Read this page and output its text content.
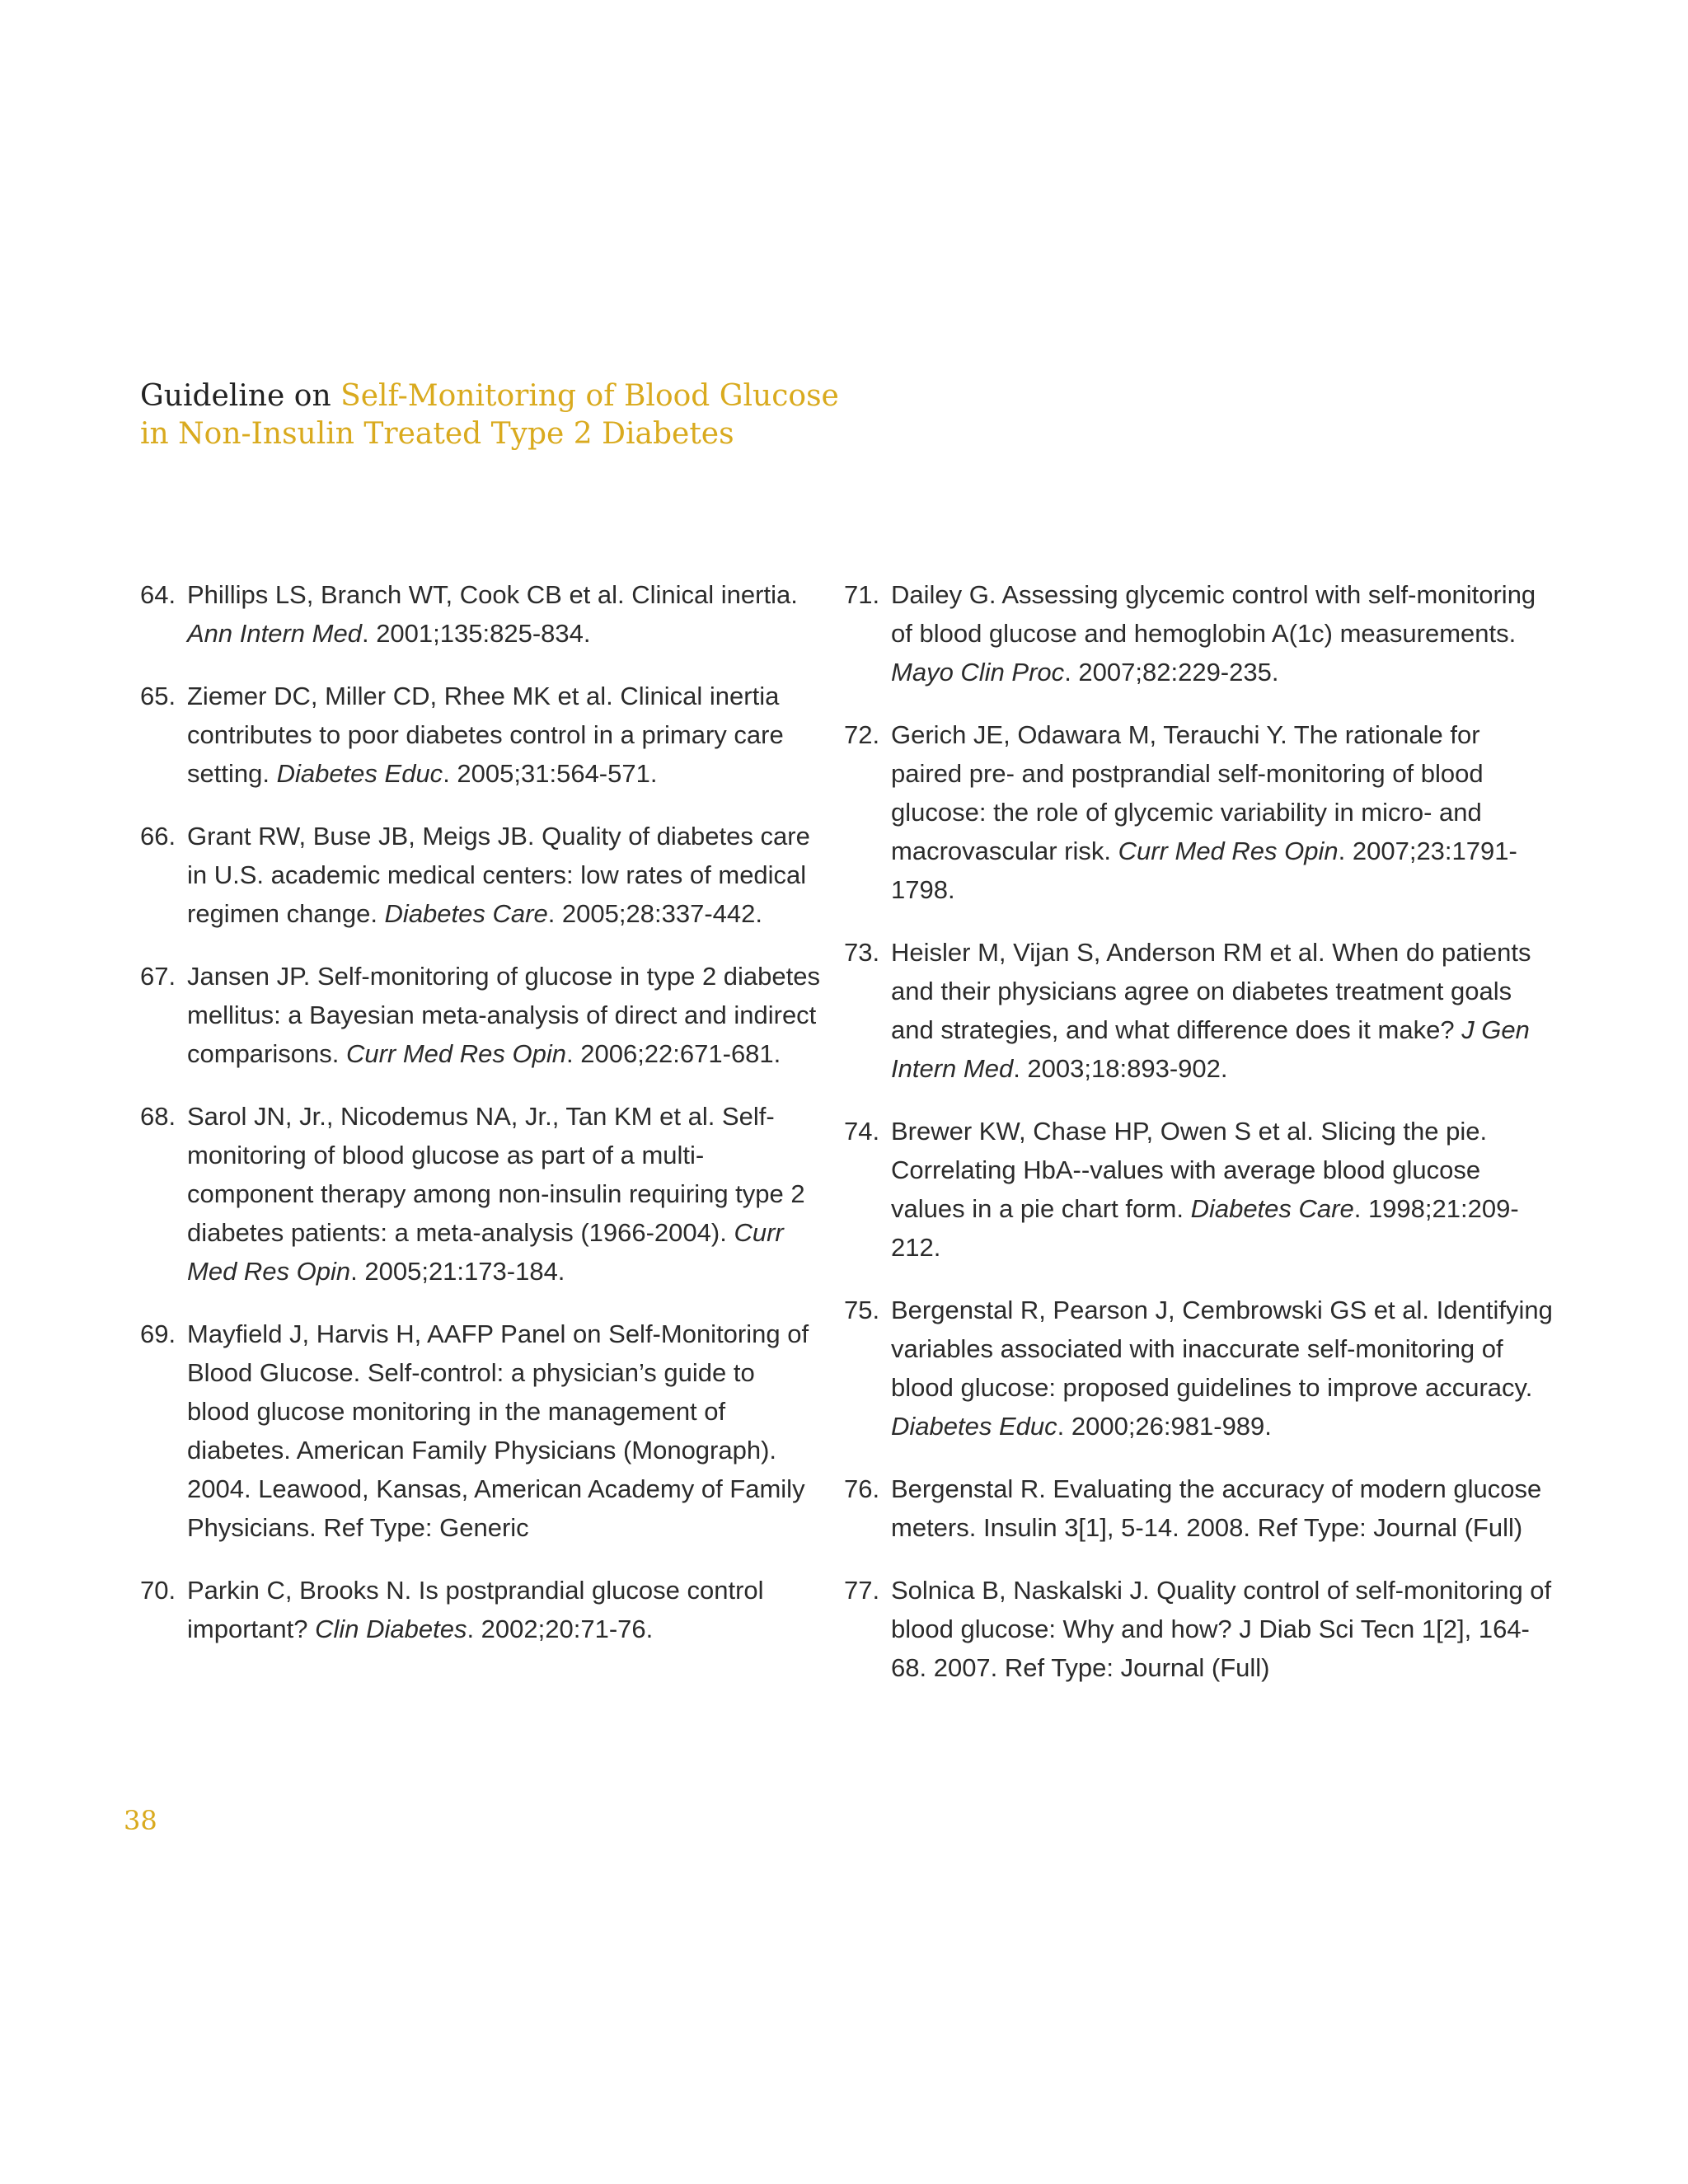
Guideline on Self-Monitoring of Blood Glucose
in Non-Insulin Treated Type 2 Diabetes
64. Phillips LS, Branch WT, Cook CB et al. Clinical inertia. Ann Intern Med. 2001;135:825-834.
65. Ziemer DC, Miller CD, Rhee MK et al. Clinical inertia contributes to poor diabetes control in a primary care setting. Diabetes Educ. 2005;31:564-571.
66. Grant RW, Buse JB, Meigs JB. Quality of diabetes care in U.S. academic medical centers: low rates of medical regimen change. Diabetes Care. 2005;28:337-442.
67. Jansen JP. Self-monitoring of glucose in type 2 diabetes mellitus: a Bayesian meta-analysis of direct and indirect comparisons. Curr Med Res Opin. 2006;22:671-681.
68. Sarol JN, Jr., Nicodemus NA, Jr., Tan KM et al. Self-monitoring of blood glucose as part of a multi-component therapy among non-insulin requiring type 2 diabetes patients: a meta-analysis (1966-2004). Curr Med Res Opin. 2005;21:173-184.
69. Mayfield J, Harvis H, AAFP Panel on Self-Monitoring of Blood Glucose. Self-control: a physician’s guide to blood glucose monitoring in the management of diabetes. American Family Physicians (Monograph). 2004. Leawood, Kansas, American Academy of Family Physicians. Ref Type: Generic
70. Parkin C, Brooks N. Is postprandial glucose control important? Clin Diabetes. 2002;20:71-76.
71. Dailey G. Assessing glycemic control with self-monitoring of blood glucose and hemoglobin A(1c) measurements. Mayo Clin Proc. 2007;82:229-235.
72. Gerich JE, Odawara M, Terauchi Y. The rationale for paired pre- and postprandial self-monitoring of blood glucose: the role of glycemic variability in micro- and macrovascular risk. Curr Med Res Opin. 2007;23:1791-1798.
73. Heisler M, Vijan S, Anderson RM et al. When do patients and their physicians agree on diabetes treatment goals and strategies, and what difference does it make? J Gen Intern Med. 2003;18:893-902.
74. Brewer KW, Chase HP, Owen S et al. Slicing the pie. Correlating HbA--values with average blood glucose values in a pie chart form. Diabetes Care. 1998;21:209-212.
75. Bergenstal R, Pearson J, Cembrowski GS et al. Identifying variables associated with inaccurate self-monitoring of blood glucose: proposed guidelines to improve accuracy. Diabetes Educ. 2000;26:981-989.
76. Bergenstal R. Evaluating the accuracy of modern glucose meters. Insulin 3[1], 5-14. 2008. Ref Type: Journal (Full)
77. Solnica B, Naskalski J. Quality control of self-monitoring of blood glucose: Why and how? J Diab Sci Tecn 1[2], 164-68. 2007. Ref Type: Journal (Full)
38
